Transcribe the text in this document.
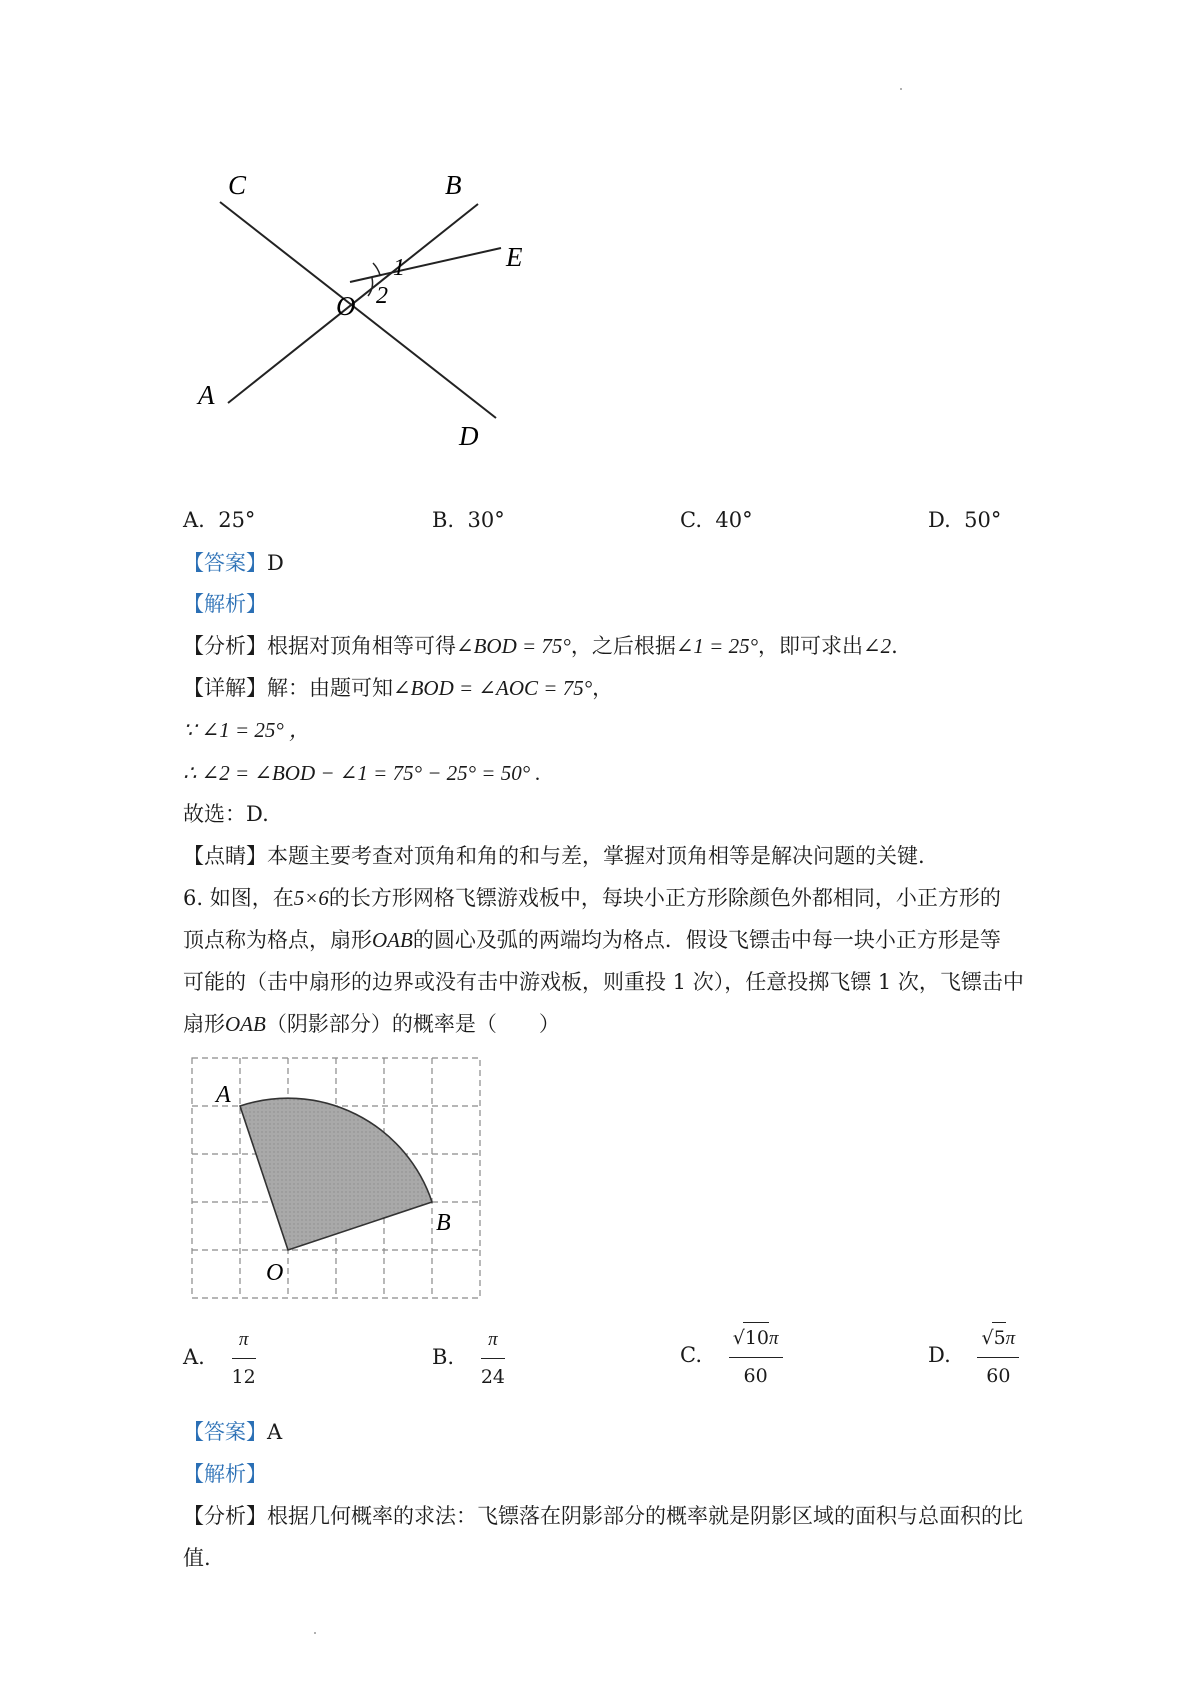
C	B
E
1
2
O
A
D
A. 25°	B. 30°	C. 40°	D. 50°
【答案】D
【解析】
【分析】根据对顶角相等可得∠BOD = 75°，之后根据∠1 = 25°，即可求出∠2.
【详解】解：由题可知∠BOD = ∠AOC = 75°，
∵ ∠1 = 25° ，
∴ ∠2 = ∠BOD − ∠1 = 75° − 25° = 50° .
故选：D.
【点睛】本题主要考查对顶角和角的和与差，掌握对顶角相等是解决问题的关键.
6. 如图，在5×6的长方形网格飞镖游戏板中，每块小正方形除颜色外都相同，小正方形的
顶点称为格点，扇形OAB的圆心及弧的两端均为格点．假设飞镖击中每一块小正方形是等
可能的（击中扇形的边界或没有击中游戏板，则重投 1 次），任意投掷飞镖 1 次，飞镖击中
扇形OAB（阴影部分）的概率是（　　）
A
B
O
A. $\frac{\pi}{12}$	B. $\frac{\pi}{24}$	C. $\frac{√10\pi}{60}$	D. $\frac{√5\pi}{60}$
【答案】A
【解析】
【分析】根据几何概率的求法：飞镖落在阴影部分的概率就是阴影区域的面积与总面积的比
值.
